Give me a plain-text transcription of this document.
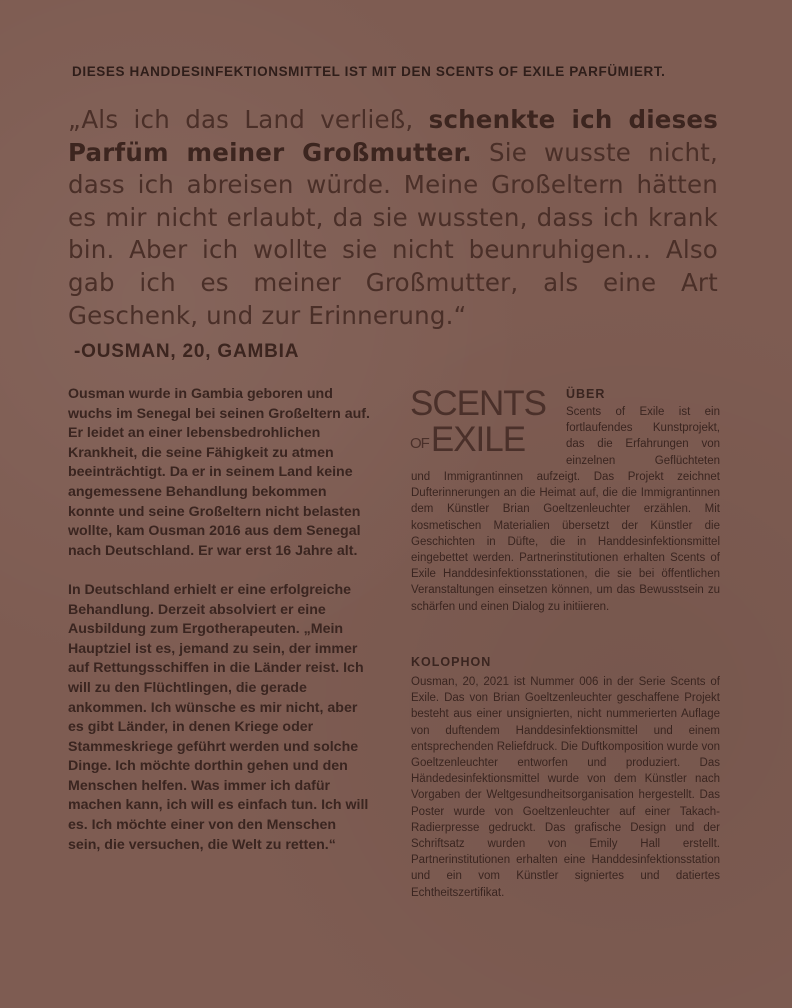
DIESES HANDDESINFEKTIONSMITTEL IST MIT DEN SCENTS OF EXILE PARFÜMIERT.
„Als ich das Land verließ, schenkte ich dieses Parfüm meiner Großmutter. Sie wusste nicht, dass ich abreisen würde. Meine Großeltern hätten es mir nicht erlaubt, da sie wussten, dass ich krank bin. Aber ich wollte sie nicht beunruhigen… Also gab ich es meiner Großmutter, als eine Art Geschenk, und zur Erinnerung.“
-OUSMAN, 20, GAMBIA

Ousman wurde in Gambia geboren und wuchs im Senegal bei seinen Großeltern auf. Er leidet an einer lebensbedrohlichen Krankheit, die seine Fähigkeit zu atmen beeinträchtigt. Da er in seinem Land keine angemessene Behandlung bekommen konnte und seine Großeltern nicht belasten wollte, kam Ousman 2016 aus dem Senegal nach Deutschland. Er war erst 16 Jahre alt.

In Deutschland erhielt er eine erfolgreiche Behandlung. Derzeit absolviert er eine Ausbildung zum Ergotherapeuten. „Mein Hauptziel ist es, jemand zu sein, der immer auf Rettungsschiffen in die Länder reist. Ich will zu den Flüchtlingen, die gerade ankommen. Ich wünsche es mir nicht, aber es gibt Länder, in denen Kriege oder Stammeskriege geführt werden und solche Dinge. Ich möchte dorthin gehen und den Menschen helfen. Was immer ich dafür machen kann, ich will es einfach tun. Ich will es. Ich möchte einer von den Menschen sein, die versuchen, die Welt zu retten.“

SCENTS
$^{OF}$EXILE
ÜBER
Scents of Exile ist ein fortlaufendes Kunstprojekt, das die Erfahrungen von einzelnen Geflüchteten
und Immigrantinnen aufzeigt. Das Projekt zeichnet Dufterinnerungen an die Heimat auf, die die Immigrantinnen dem Künstler Brian Goeltzenleuchter erzählen. Mit kosmetischen Materialien übersetzt der Künstler die Geschichten in Düfte, die in Handdesinfektionsmittel eingebettet werden. Partnerinstitutionen erhalten Scents of Exile Handdesinfektionsstationen, die sie bei öffentlichen Veranstaltungen einsetzen können, um das Bewusstsein zu schärfen und einen Dialog zu initiieren.
KOLOPHON
Ousman, 20, 2021 ist Nummer 006 in der Serie Scents of Exile. Das von Brian Goeltzenleuchter geschaffene Projekt besteht aus einer unsignierten, nicht nummerierten Auflage von duftendem Handdesinfektionsmittel und einem entsprechenden Reliefdruck. Die Duftkomposition wurde von Goeltzenleuchter entworfen und produziert. Das Händedesinfektionsmittel wurde von dem Künstler nach Vorgaben der Weltgesundheitsorganisation hergestellt. Das Poster wurde von Goeltzenleuchter auf einer Takach-Radierpresse gedruckt. Das grafische Design und der Schriftsatz wurden von Emily Hall erstellt. Partnerinstitutionen erhalten eine Handdesinfektionsstation und ein vom Künstler signiertes und datiertes Echtheitszertifikat.
